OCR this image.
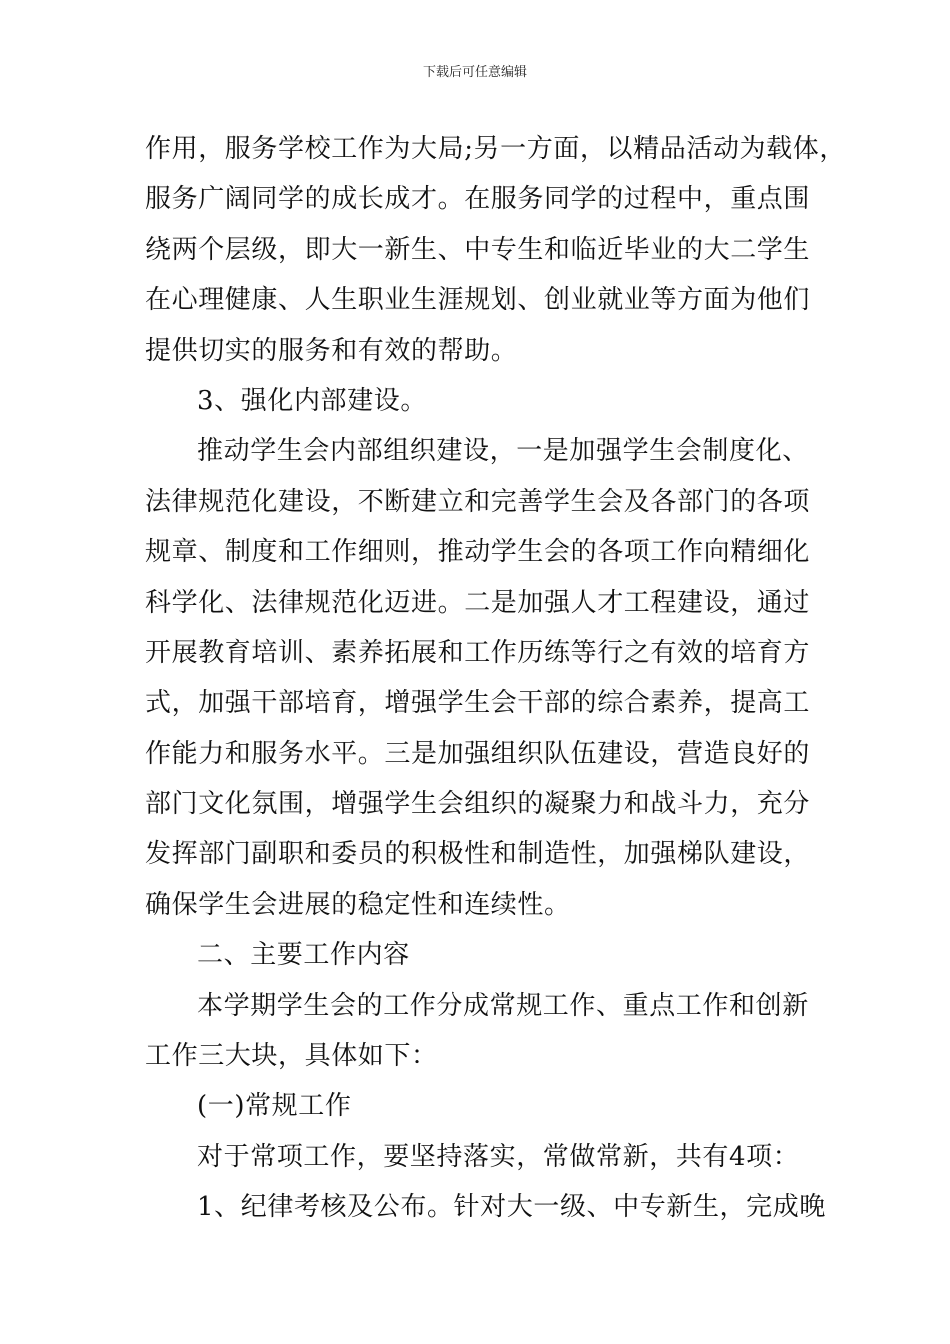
下载后可任意编辑
作用，服务学校工作为大局;另一方面，以精品活动为载体，
服务广阔同学的成长成才。在服务同学的过程中，重点围
绕两个层级，即大一新生、中专生和临近毕业的大二学生
在心理健康、人生职业生涯规划、创业就业等方面为他们
提供切实的服务和有效的帮助。
3、强化内部建设。
推动学生会内部组织建设，一是加强学生会制度化、
法律规范化建设，不断建立和完善学生会及各部门的各项
规章、制度和工作细则，推动学生会的各项工作向精细化
科学化、法律规范化迈进。二是加强人才工程建设，通过
开展教育培训、素养拓展和工作历练等行之有效的培育方
式，加强干部培育，增强学生会干部的综合素养，提高工
作能力和服务水平。三是加强组织队伍建设，营造良好的
部门文化氛围，增强学生会组织的凝聚力和战斗力，充分
发挥部门副职和委员的积极性和制造性，加强梯队建设，
确保学生会进展的稳定性和连续性。
二、主要工作内容
本学期学生会的工作分成常规工作、重点工作和创新
工作三大块，具体如下：
(一)常规工作
对于常项工作，要坚持落实，常做常新，共有4项：
1、纪律考核及公布。针对大一级、中专新生，完成晚
